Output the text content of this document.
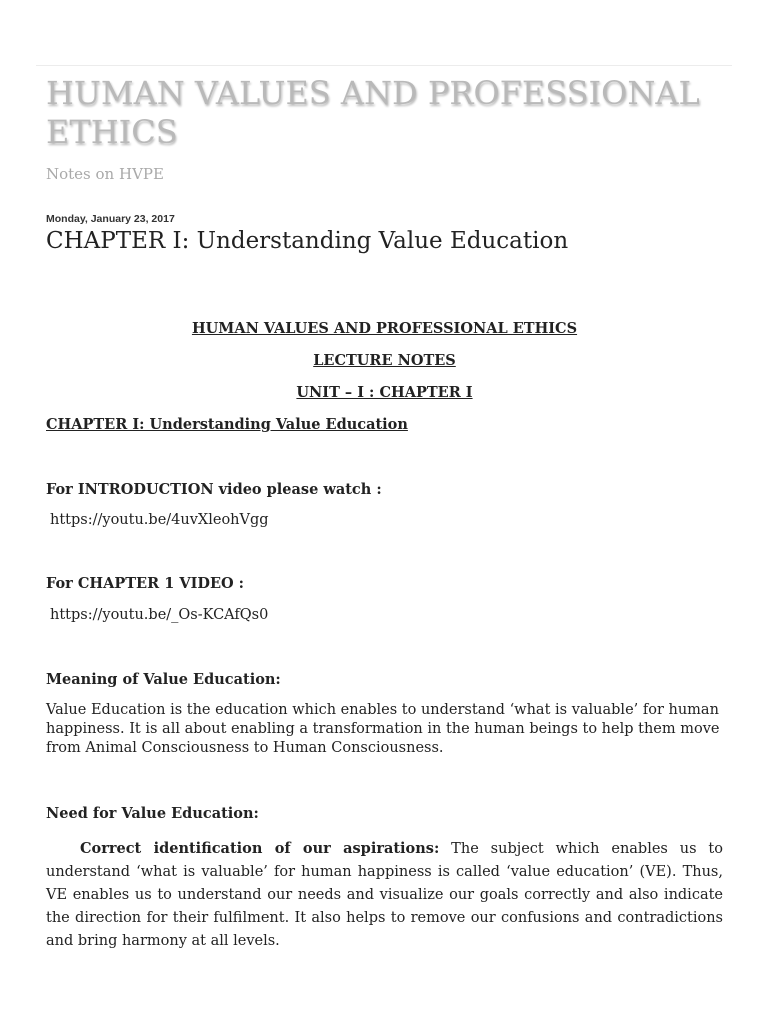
HUMAN VALUES AND PROFESSIONAL ETHICS

Notes on HVPE

Monday, January 23, 2017

CHAPTER I: Understanding Value Education

HUMAN VALUES AND PROFESSIONAL ETHICS

LECTURE NOTES

UNIT – I : CHAPTER I

CHAPTER I: Understanding Value Education

For INTRODUCTION video please watch :

https://youtu.be/4uvXleohVgg

For CHAPTER 1 VIDEO :

https://youtu.be/_Os-KCAfQs0

Meaning of Value Education:

Value Education is the education which enables to understand ‘what is valuable’ for human happiness. It is all about enabling a transformation in the human beings to help them move from Animal Consciousness to Human Consciousness.

Need for Value Education:

Correct identification of our aspirations: The subject which enables us to understand ‘what is valuable’ for human happiness is called ‘value education’ (VE). Thus, VE enables us to understand our needs and visualize our goals correctly and also indicate the direction for their fulfilment. It also helps to remove our confusions and contradictions and bring harmony at all levels.
